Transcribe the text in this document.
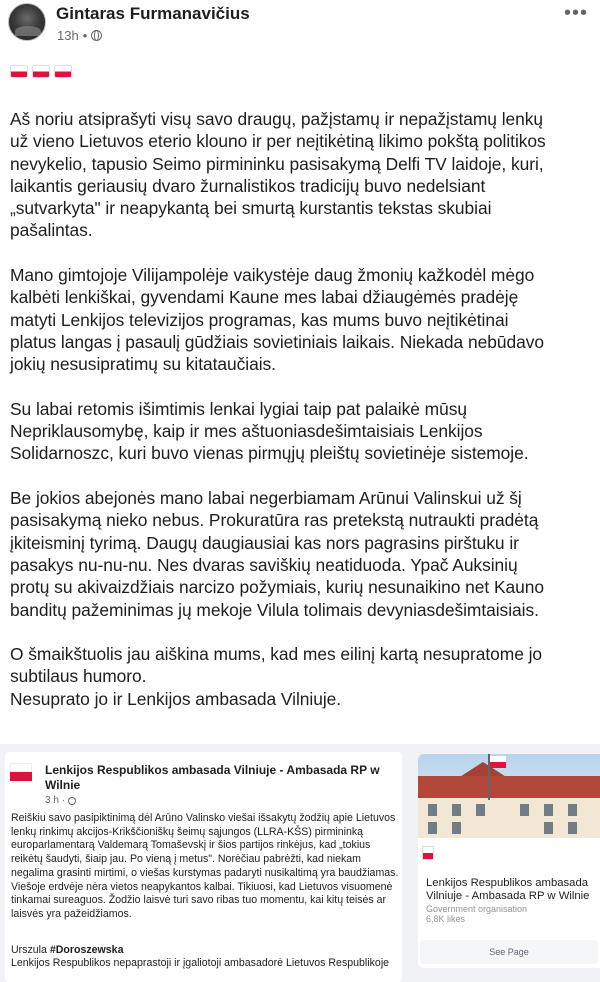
Gintaras Furmanavičius
13h •
•••
Aš noriu atsiprašyti visų savo draugų, pažįstamų ir nepažįstamų lenkų
už vieno Lietuvos eterio klouno ir per neįtikėtiną likimo pokštą politikos
nevykelio, tapusio Seimo pirmininku pasisakymą Delfi TV laidoje, kuri,
laikantis geriausių dvaro žurnalistikos tradicijų buvo nedelsiant
„sutvarkyta" ir neapykantą bei smurtą kurstantis tekstas skubiai
pašalintas.
Mano gimtojoje Vilijampolėje vaikystėje daug žmonių kažkodėl mėgo
kalbėti lenkiškai, gyvendami Kaune mes labai džiaugėmės pradėję
matyti Lenkijos televizijos programas, kas mums buvo neįtikėtinai
platus langas į pasaulį gūdžiais sovietiniais laikais. Niekada nebūdavo
jokių nesusipratimų su kitataučiais.
Su labai retomis išimtimis lenkai lygiai taip pat palaikė mūsų
Nepriklausomybę, kaip ir mes aštuoniasdešimtaisiais Lenkijos
Solidarnoszc, kuri buvo vienas pirmųjų pleištų sovietinėje sistemoje.
Be jokios abejonės mano labai negerbiamam Arūnui Valinskui už šį
pasisakymą nieko nebus. Prokuratūra ras pretekstą nutraukti pradėtą
įkiteisminį tyrimą. Daugų daugiausiai kas nors pagrasins pirštuku ir
pasakys nu-nu-nu. Nes dvaras saviškių neatiduoda. Ypač Auksinių
protų su akivaizdžiais narcizo požymiais, kurių nesunaikino net Kauno
banditų pažeminimas jų mekoje Vilula tolimais devyniasdešimtaisiais.
O šmaikštuolis jau aiškina mums, kad mes eilinį kartą nesupratome jo
subtilaus humoro.
Nesuprato jo ir Lenkijos ambasada Vilniuje.
Lenkijos Respublikos ambasada Vilniuje - Ambasada RP w Wilnie
3 h ·
Reiškiu savo pasipiktinimą dėl Arūno Valinsko viešai išsakytų žodžių apie Lietuvos lenkų rinkimų akcijos-Krikščioniškų šeimų sąjungos (LLRA-KŠS) pirmininką europarlamentarą Valdemarą Tomaševskį ir šios partijos rinkėjus, kad „tokius reikėtų šaudyti, šiaip jau. Po vieną į metus". Norėčiau pabrėžti, kad niekam negalima grasinti mirtimi, o viešas kurstymas padaryti nusikaltimą yra baudžiamas. Viešoje erdvėje nėra vietos neapykantos kalbai. Tikiuosi, kad Lietuvos visuomenė tinkamai sureaguos. Žodžio laisvė turi savo ribas tuo momentu, kai kitų teisės ar laisvės yra pažeidžiamos.
Urszula #Doroszewska
Lenkijos Respublikos nepaprastoji ir įgaliotoji ambasadorė Lietuvos Respublikoje
Lenkijos Respublikos ambasada Vilniuje - Ambasada RP w Wilnie
Government organisation
6,8K likes
See Page
